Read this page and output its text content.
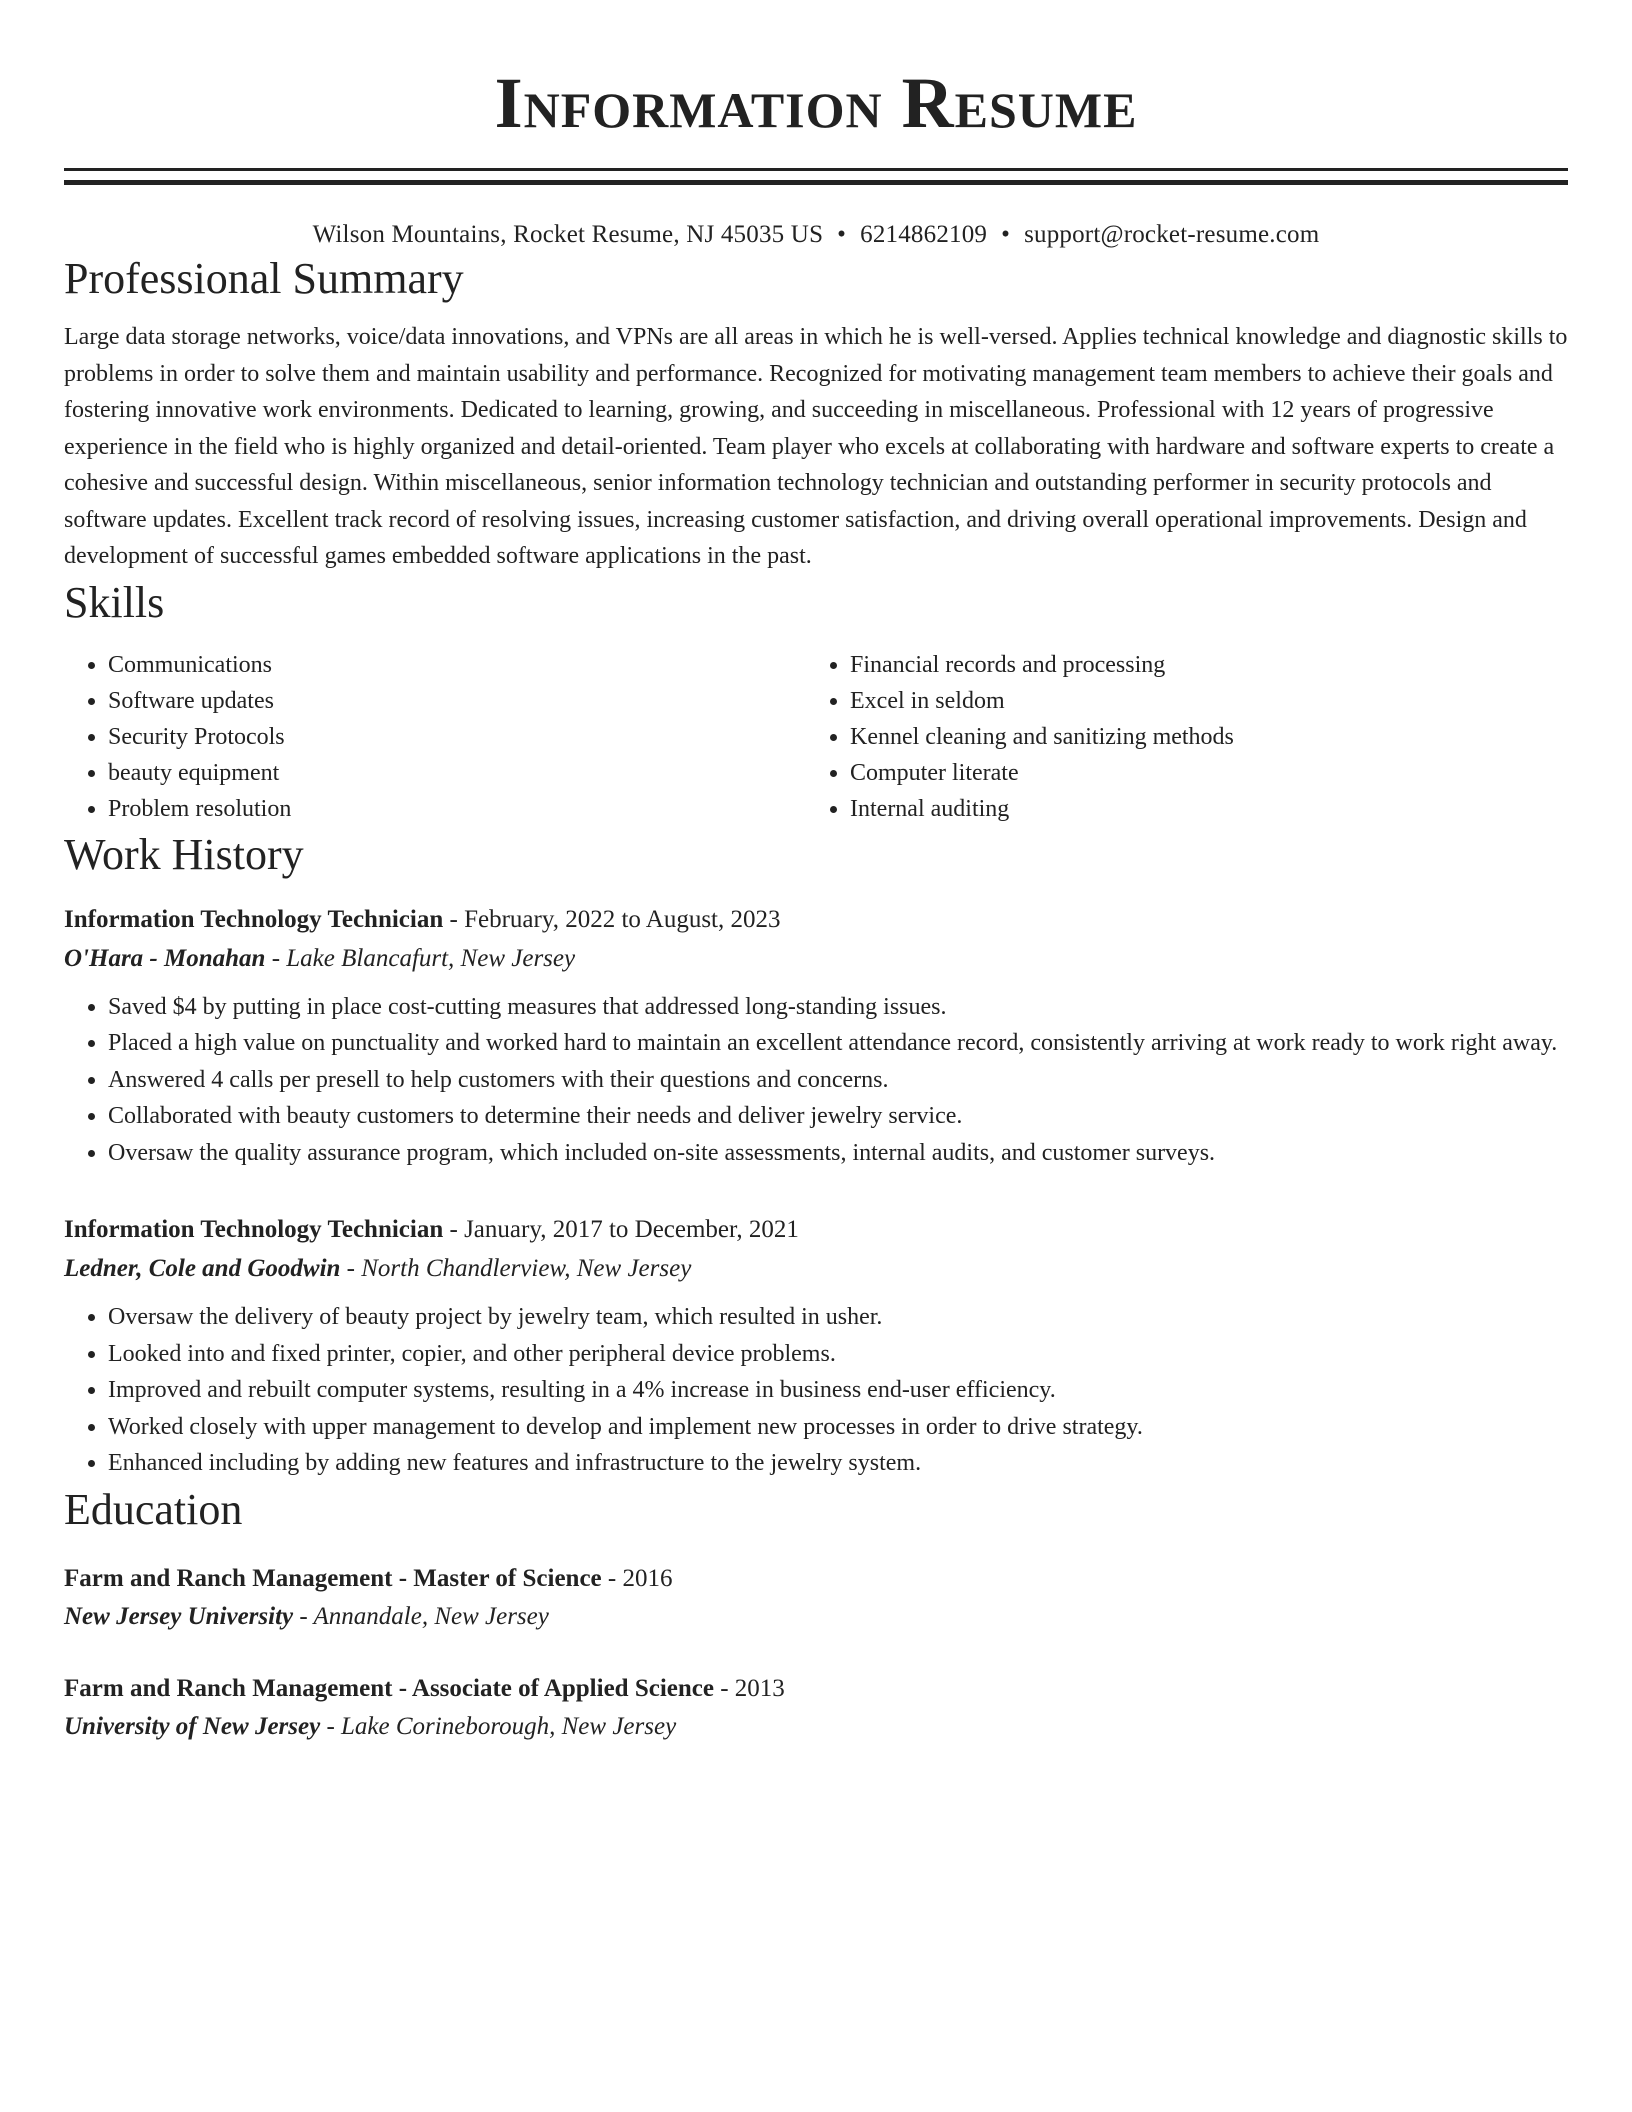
Information Resume
Wilson Mountains, Rocket Resume, NJ 45035 US • 6214862109 • support@rocket-resume.com
Professional Summary

Large data storage networks, voice/data innovations, and VPNs are all areas in which he is well-versed. Applies technical knowledge and diagnostic skills to problems in order to solve them and maintain usability and performance. Recognized for motivating management team members to achieve their goals and fostering innovative work environments. Dedicated to learning, growing, and succeeding in miscellaneous. Professional with 12 years of progressive experience in the field who is highly organized and detail-oriented. Team player who excels at collaborating with hardware and software experts to create a cohesive and successful design. Within miscellaneous, senior information technology technician and outstanding performer in security protocols and software updates. Excellent track record of resolving issues, increasing customer satisfaction, and driving overall operational improvements. Design and development of successful games embedded software applications in the past.

Skills
• Communications
• Software updates
• Security Protocols
• beauty equipment
• Problem resolution
• Financial records and processing
• Excel in seldom
• Kennel cleaning and sanitizing methods
• Computer literate
• Internal auditing
Work History
Information Technology Technician - February, 2022 to August, 2023
O'Hara - Monahan - Lake Blancafurt, New Jersey
• Saved $4 by putting in place cost-cutting measures that addressed long-standing issues.
• Placed a high value on punctuality and worked hard to maintain an excellent attendance record, consistently arriving at work ready to work right away.
• Answered 4 calls per presell to help customers with their questions and concerns.
• Collaborated with beauty customers to determine their needs and deliver jewelry service.
• Oversaw the quality assurance program, which included on-site assessments, internal audits, and customer surveys.
Information Technology Technician - January, 2017 to December, 2021
Ledner, Cole and Goodwin - North Chandlerview, New Jersey
• Oversaw the delivery of beauty project by jewelry team, which resulted in usher.
• Looked into and fixed printer, copier, and other peripheral device problems.
• Improved and rebuilt computer systems, resulting in a 4% increase in business end-user efficiency.
• Worked closely with upper management to develop and implement new processes in order to drive strategy.
• Enhanced including by adding new features and infrastructure to the jewelry system.
Education
Farm and Ranch Management - Master of Science - 2016
New Jersey University - Annandale, New Jersey
Farm and Ranch Management - Associate of Applied Science - 2013
University of New Jersey - Lake Corineborough, New Jersey
